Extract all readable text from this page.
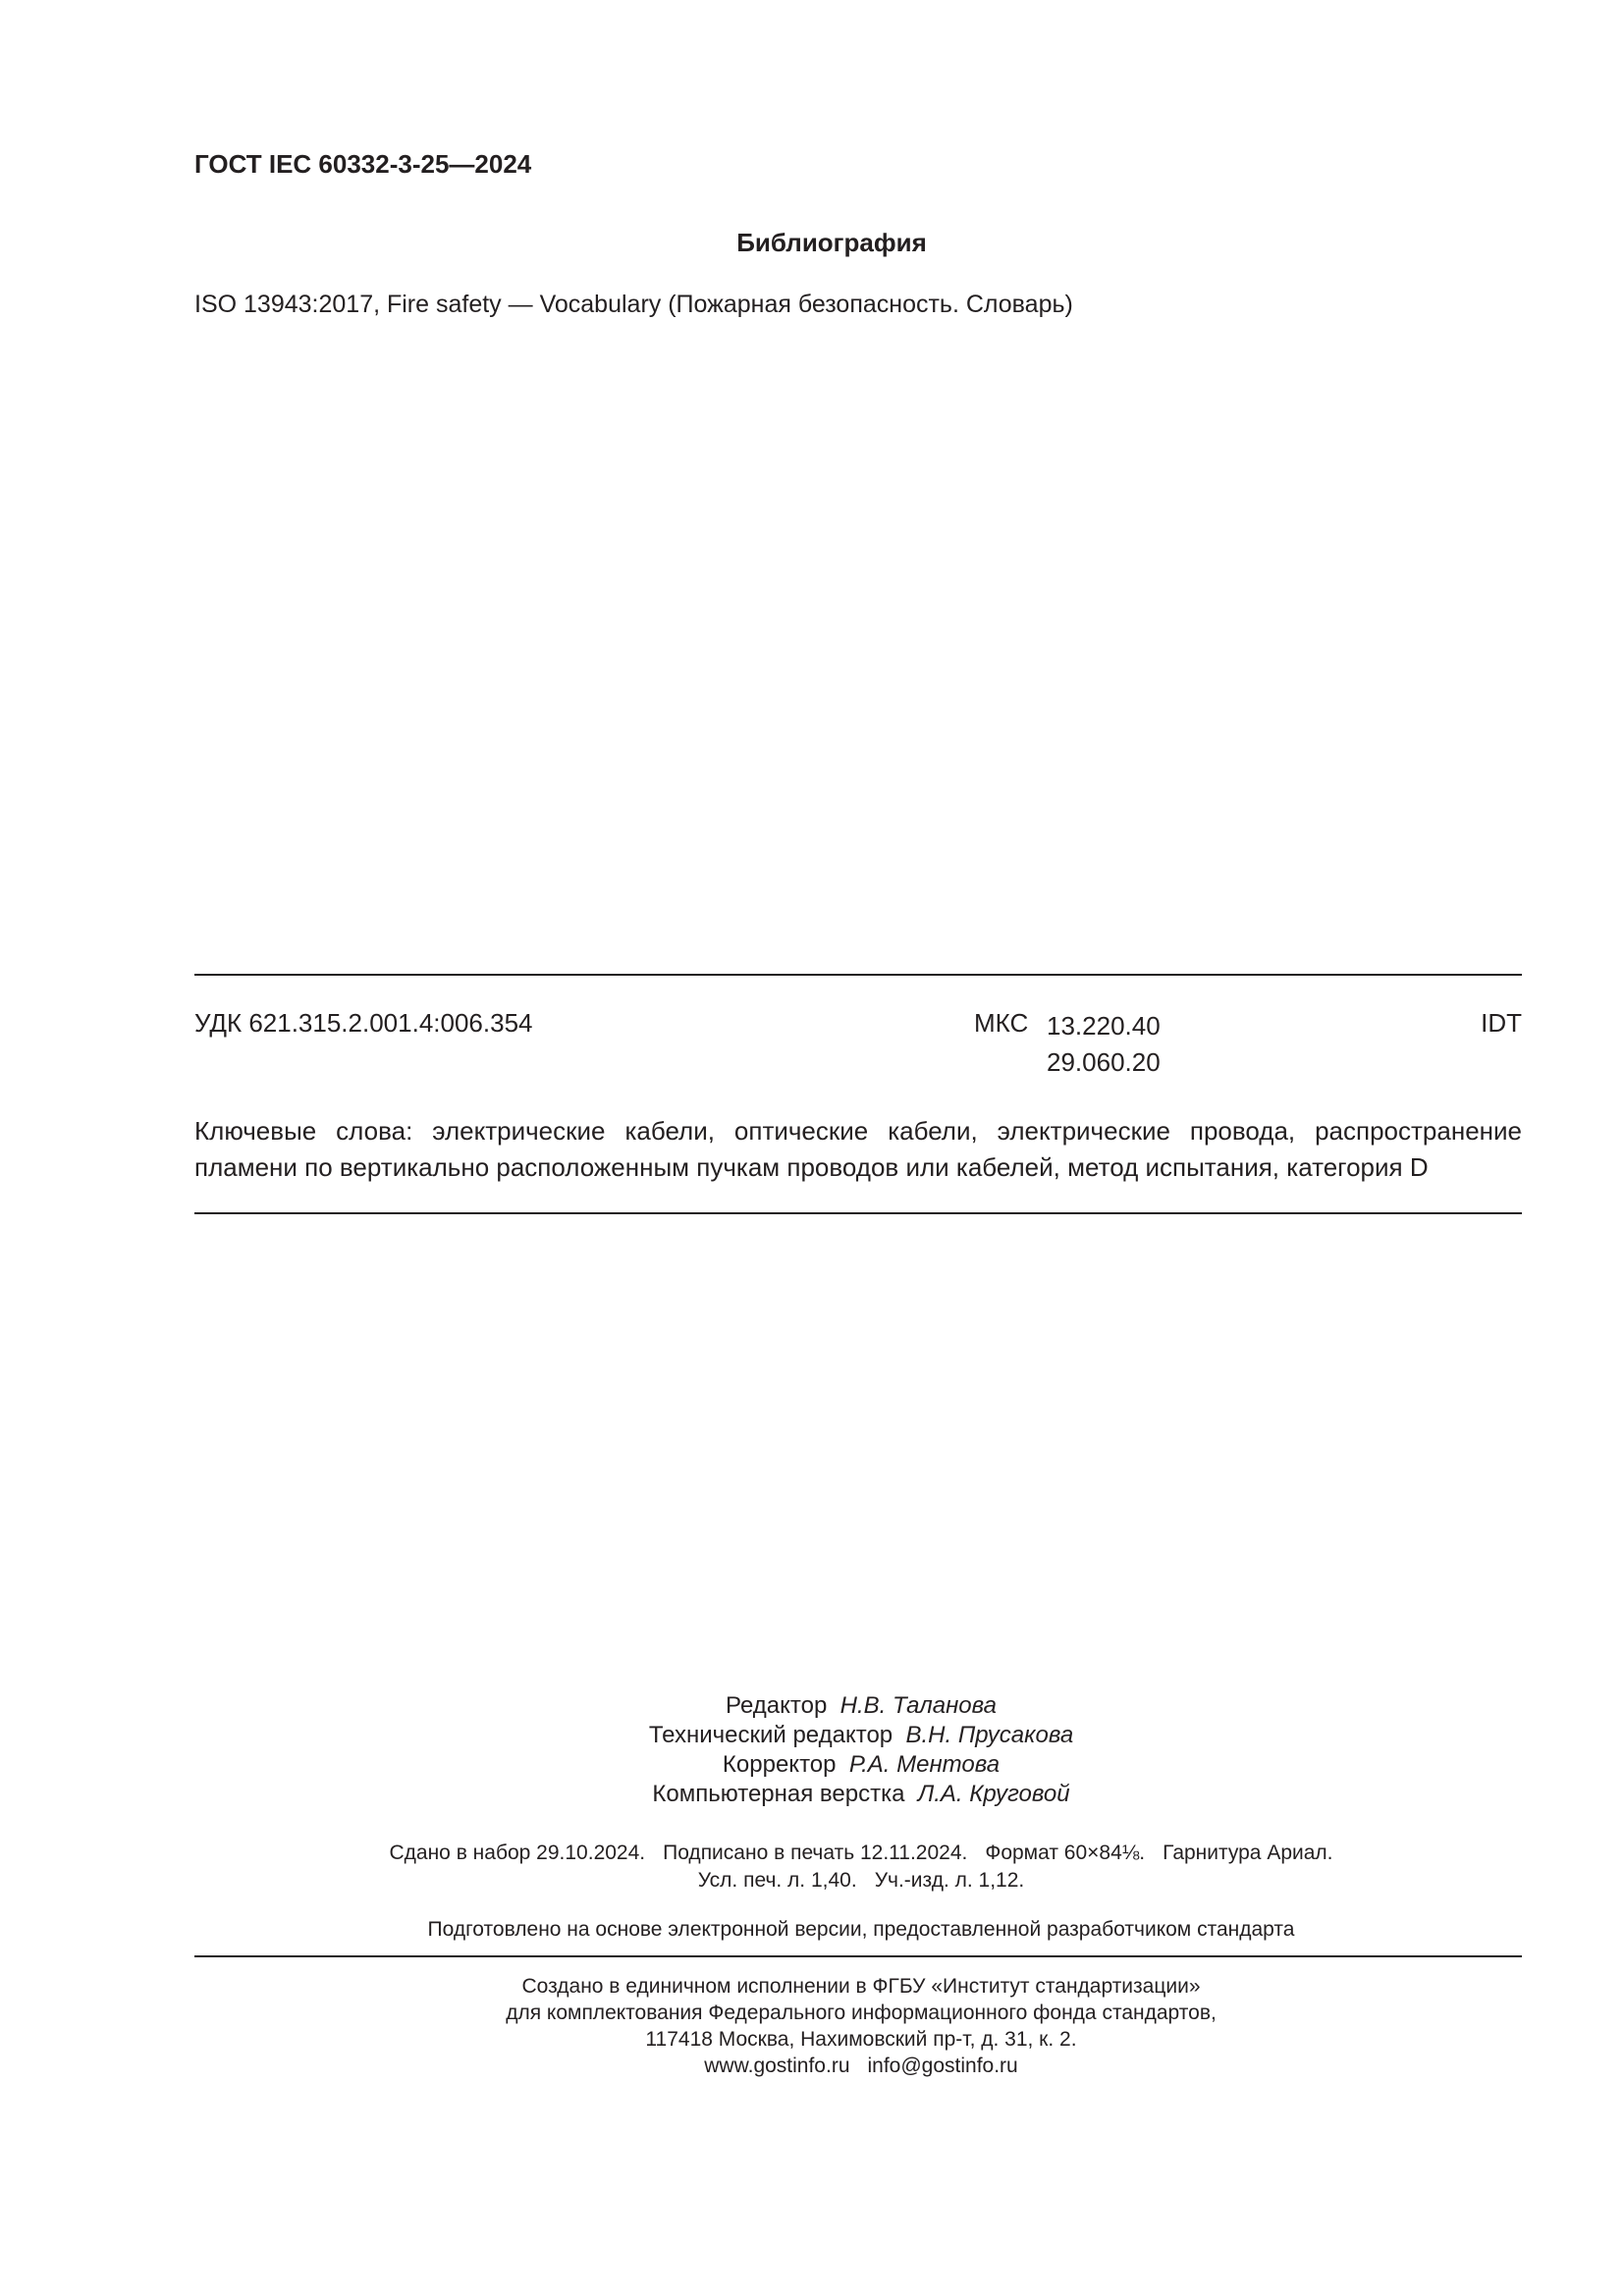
ГОСТ IEC 60332-3-25—2024
Библиография
ISO 13943:2017, Fire safety — Vocabulary (Пожарная безопасность. Словарь)
УДК 621.315.2.001.4:006.354	МКС 13.220.40
29.060.20
IDT
Ключевые слова: электрические кабели, оптические кабели, электрические провода, распространение пламени по вертикально расположенным пучкам проводов или кабелей, метод испытания, категория D
Редактор Н.В. Таланова
Технический редактор В.Н. Прусакова
Корректор Р.А. Ментова
Компьютерная верстка Л.А. Круговой
Сдано в набор 29.10.2024. Подписано в печать 12.11.2024. Формат 60×84⅛. Гарнитура Ариал.
Усл. печ. л. 1,40. Уч.-изд. л. 1,12.
Подготовлено на основе электронной версии, предоставленной разработчиком стандарта
Создано в единичном исполнении в ФГБУ «Институт стандартизации»
для комплектования Федерального информационного фонда стандартов,
117418 Москва, Нахимовский пр-т, д. 31, к. 2.
www.gostinfo.ru info@gostinfo.ru
